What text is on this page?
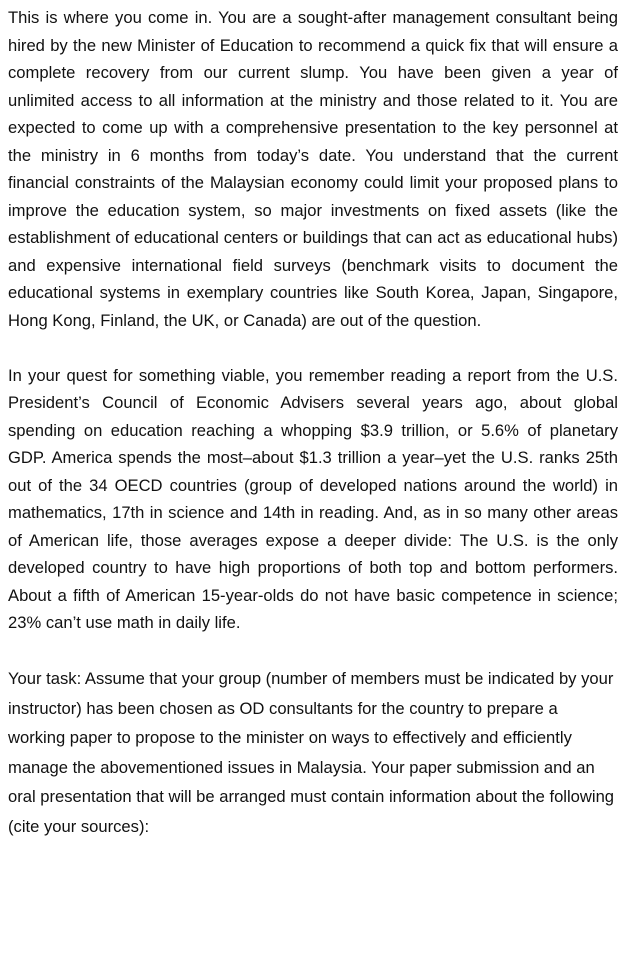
This is where you come in. You are a sought-after management consultant being hired by the new Minister of Education to recommend a quick fix that will ensure a complete recovery from our current slump. You have been given a year of unlimited access to all information at the ministry and those related to it. You are expected to come up with a comprehensive presentation to the key personnel at the ministry in 6 months from today’s date. You understand that the current financial constraints of the Malaysian economy could limit your proposed plans to improve the education system, so major investments on fixed assets (like the establishment of educational centers or buildings that can act as educational hubs) and expensive international field surveys (benchmark visits to document the educational systems in exemplary countries like South Korea, Japan, Singapore, Hong Kong, Finland, the UK, or Canada) are out of the question.

In your quest for something viable, you remember reading a report from the U.S. President’s Council of Economic Advisers several years ago, about global spending on education reaching a whopping $3.9 trillion, or 5.6% of planetary GDP. America spends the most–about $1.3 trillion a year–yet the U.S. ranks 25th out of the 34 OECD countries (group of developed nations around the world) in mathematics, 17th in science and 14th in reading. And, as in so many other areas of American life, those averages expose a deeper divide: The U.S. is the only developed country to have high proportions of both top and bottom performers. About a fifth of American 15-year-olds do not have basic competence in science; 23% can’t use math in daily life.

Your task: Assume that your group (number of members must be indicated by your instructor) has been chosen as OD consultants for the country to prepare a working paper to propose to the minister on ways to effectively and efficiently manage the abovementioned issues in Malaysia. Your paper submission and an oral presentation that will be arranged must contain information about the following (cite your sources):
